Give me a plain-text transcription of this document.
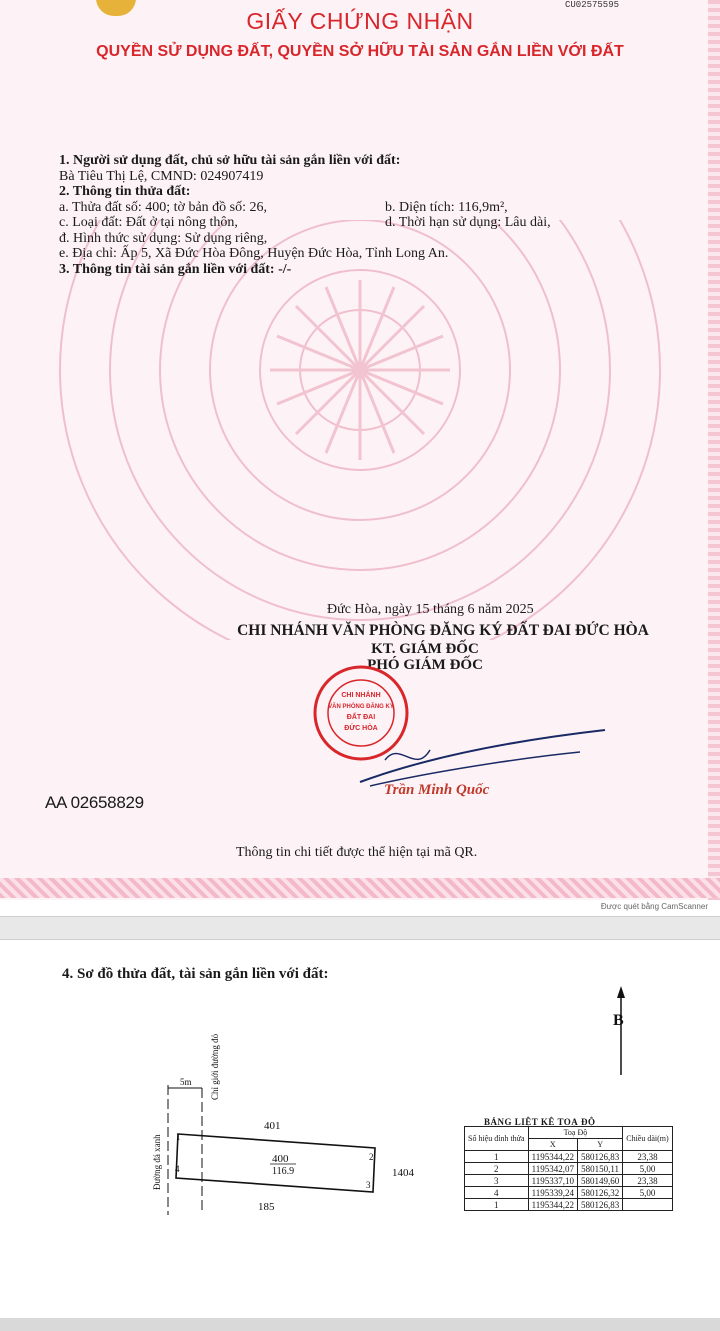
CU02575595
GIẤY CHỨNG NHẬN
QUYỀN SỬ DỤNG ĐẤT, QUYỀN SỞ HỮU TÀI SẢN GẮN LIỀN VỚI ĐẤT
1. Người sử dụng đất, chủ sở hữu tài sản gắn liền với đất:
Bà Tiêu Thị Lệ, CMND: 024907419
2. Thông tin thửa đất:
a. Thửa đất số: 400; tờ bản đồ số: 26,	b. Diện tích: 116,9m²,
c. Loại đất: Đất ở tại nông thôn,	d. Thời hạn sử dụng: Lâu dài,
đ. Hình thức sử dụng: Sử dụng riêng,
e. Địa chỉ: Ấp 5, Xã Đức Hòa Đông, Huyện Đức Hòa, Tỉnh Long An.
3. Thông tin tài sản gắn liền với đất: -/-
Đức Hòa, ngày 15 tháng 6 năm 2025
CHI NHÁNH VĂN PHÒNG ĐĂNG KÝ ĐẤT ĐAI ĐỨC HÒA
KT. GIÁM ĐỐC
PHÓ GIÁM ĐỐC
CHI NHÁNH
VĂN PHÒNG ĐĂNG KÝ
ĐẤT ĐAI
ĐỨC HÒA
Trần Minh Quốc
AA 02658829
Thông tin chi tiết được thể hiện tại mã QR.
Được quét bằng CamScanner
4. Sơ đồ thửa đất, tài sản gắn liền với đất:
B
5m
Đường đá xanh
Chỉ giới đường đỏ
401
185
1404
400
116.9
1
2
3
4
BẢNG LIỆT KÊ TOẠ ĐỘ
Số hiệu đỉnh thửa	Toạ Độ		Chiều dài(m)
	X	Y	
1	1195344,22	580126,83	23,38
2	1195342,07	580150,11	5,00
3	1195337,10	580149,60	23,38
4	1195339,24	580126,32	5,00
1	1195344,22	580126,83	
